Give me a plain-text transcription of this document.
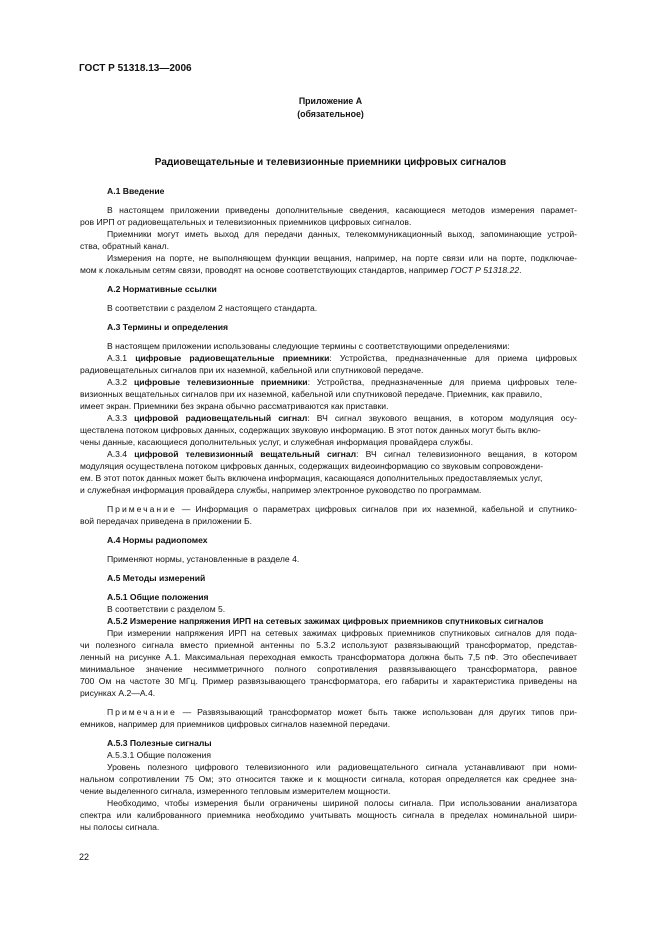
ГОСТ Р 51318.13—2006
Приложение А
(обязательное)
Радиовещательные и телевизионные приемники цифровых сигналов
А.1 Введение
В настоящем приложении приведены дополнительные сведения, касающиеся методов измерения парамет-
ров ИРП от радиовещательных и телевизионных приемников цифровых сигналов.
Приемники могут иметь выход для передачи данных, телекоммуникационный выход, запоминающие устрой-
ства, обратный канал.
Измерения на порте, не выполняющем функции вещания, например, на порте связи или на порте, подключае-
мом к локальным сетям связи, проводят на основе соответствующих стандартов, например ГОСТ Р 51318.22.
А.2 Нормативные ссылки
В соответствии с разделом 2 настоящего стандарта.
А.3 Термины и определения
В настоящем приложении использованы следующие термины с соответствующими определениями:
А.3.1 цифровые радиовещательные приемники: Устройства, предназначенные для приема цифровых
радиовещательных сигналов при их наземной, кабельной или спутниковой передаче.
А.3.2 цифровые телевизионные приемники: Устройства, предназначенные для приема цифровых теле-
визионных вещательных сигналов при их наземной, кабельной или спутниковой передаче. Приемник, как правило,
имеет экран. Приемники без экрана обычно рассматриваются как приставки.
А.3.3 цифровой радиовещательный сигнал: ВЧ сигнал звукового вещания, в котором модуляция осу-
ществлена потоком цифровых данных, содержащих звуковую информацию. В этот поток данных могут быть вклю-
чены данные, касающиеся дополнительных услуг, и служебная информация провайдера службы.
А.3.4 цифровой телевизионный вещательный сигнал: ВЧ сигнал телевизионного вещания, в котором
модуляция осуществлена потоком цифровых данных, содержащих видеоинформацию со звуковым сопровождени-
ем. В этот поток данных может быть включена информация, касающаяся дополнительных предоставляемых услуг,
и служебная информация провайдера службы, например электронное руководство по программам.
Примечание — Информация о параметрах цифровых сигналов при их наземной, кабельной и спутнико-
вой передачах приведена в приложении Б.
А.4 Нормы радиопомех
Применяют нормы, установленные в разделе 4.
А.5 Методы измерений
А.5.1 Общие положения
В соответствии с разделом 5.
А.5.2 Измерение напряжения ИРП на сетевых зажимах цифровых приемников спутниковых сигналов
При измерении напряжения ИРП на сетевых зажимах цифровых приемников спутниковых сигналов для пода-
чи полезного сигнала вместо приемной антенны по 5.3.2 используют развязывающий трансформатор, представ-
ленный на рисунке А.1. Максимальная переходная емкость трансформатора должна быть 7,5 пФ. Это обеспечивает
минимальное значение несимметричного полного сопротивления развязывающего трансформатора, равное
700 Ом на частоте 30 МГц. Пример развязывающего трансформатора, его габариты и характеристика приведены на
рисунках А.2—А.4.
Примечание — Развязывающий трансформатор может быть также использован для других типов при-
емников, например для приемников цифровых сигналов наземной передачи.
А.5.3 Полезные сигналы
А.5.3.1 Общие положения
Уровень полезного цифрового телевизионного или радиовещательного сигнала устанавливают при номи-
нальном сопротивлении 75 Ом; это относится также и к мощности сигнала, которая определяется как среднее зна-
чение выделенного сигнала, измеренного тепловым измерителем мощности.
Необходимо, чтобы измерения были ограничены шириной полосы сигнала. При использовании анализатора
спектра или калиброванного приемника необходимо учитывать мощность сигнала в пределах номинальной шири-
ны полосы сигнала.
22
